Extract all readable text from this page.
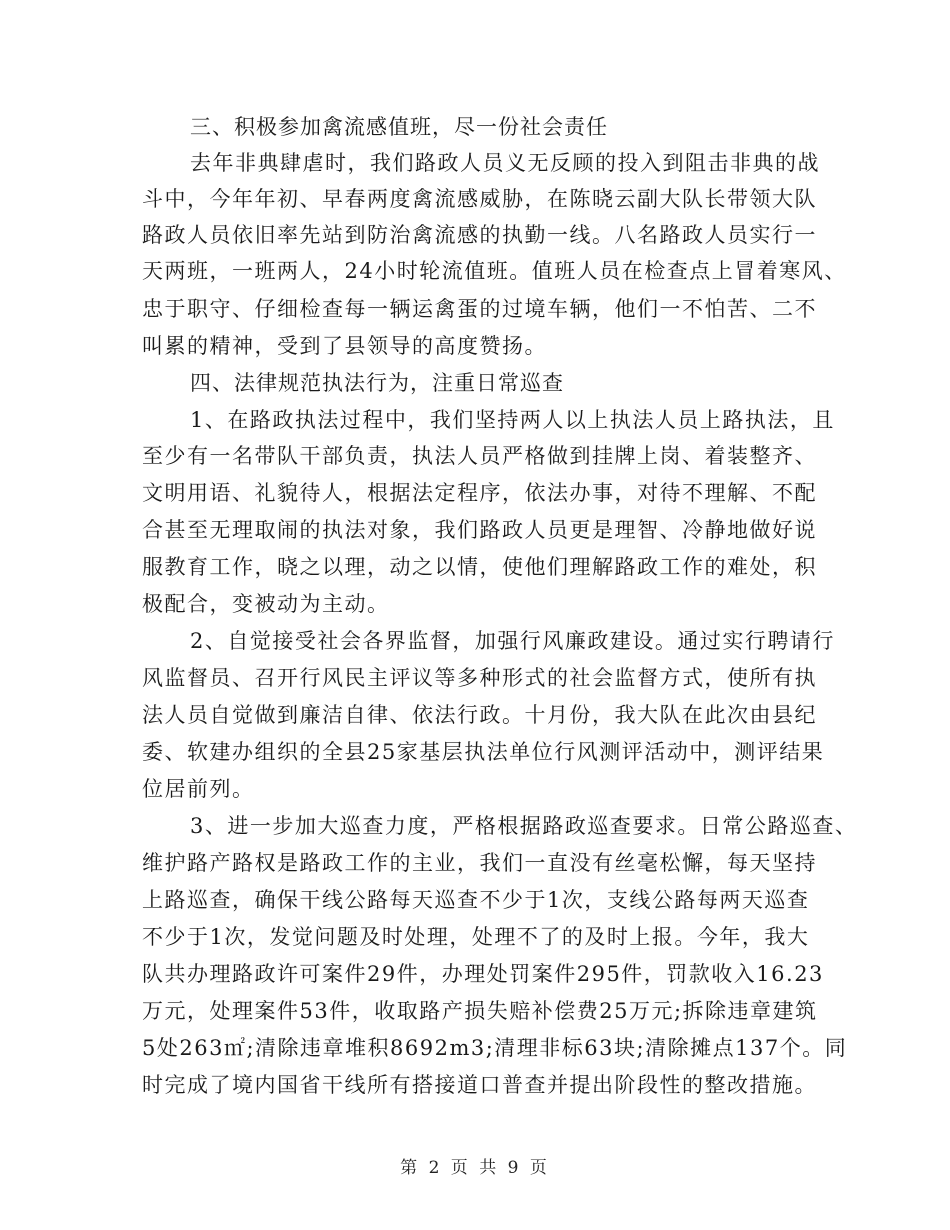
三、积极参加禽流感值班，尽一份社会责任
去年非典肆虐时，我们路政人员义无反顾的投入到阻击非典的战
斗中，今年年初、早春两度禽流感威胁，在陈晓云副大队长带领大队
路政人员依旧率先站到防治禽流感的执勤一线。八名路政人员实行一
天两班，一班两人，24小时轮流值班。值班人员在检查点上冒着寒风、
忠于职守、仔细检查每一辆运禽蛋的过境车辆，他们一不怕苦、二不
叫累的精神，受到了县领导的高度赞扬。
四、法律规范执法行为，注重日常巡查
1、在路政执法过程中，我们坚持两人以上执法人员上路执法，且
至少有一名带队干部负责，执法人员严格做到挂牌上岗、着装整齐、
文明用语、礼貌待人，根据法定程序，依法办事，对待不理解、不配
合甚至无理取闹的执法对象，我们路政人员更是理智、冷静地做好说
服教育工作，晓之以理，动之以情，使他们理解路政工作的难处，积
极配合，变被动为主动。
2、自觉接受社会各界监督，加强行风廉政建设。通过实行聘请行
风监督员、召开行风民主评议等多种形式的社会监督方式，使所有执
法人员自觉做到廉洁自律、依法行政。十月份，我大队在此次由县纪
委、软建办组织的全县25家基层执法单位行风测评活动中，测评结果
位居前列。
3、进一步加大巡查力度，严格根据路政巡查要求。日常公路巡查、
维护路产路权是路政工作的主业，我们一直没有丝毫松懈，每天坚持
上路巡查，确保干线公路每天巡查不少于1次，支线公路每两天巡查
不少于1次，发觉问题及时处理，处理不了的及时上报。今年，我大
队共办理路政许可案件29件，办理处罚案件295件，罚款收入16.23
万元，处理案件53件，收取路产损失赔补偿费25万元;拆除违章建筑
5处263㎡;清除违章堆积8692m3;清理非标63块;清除摊点137个。同
时完成了境内国省干线所有搭接道口普查并提出阶段性的整改措施。
第 2 页 共 9 页
